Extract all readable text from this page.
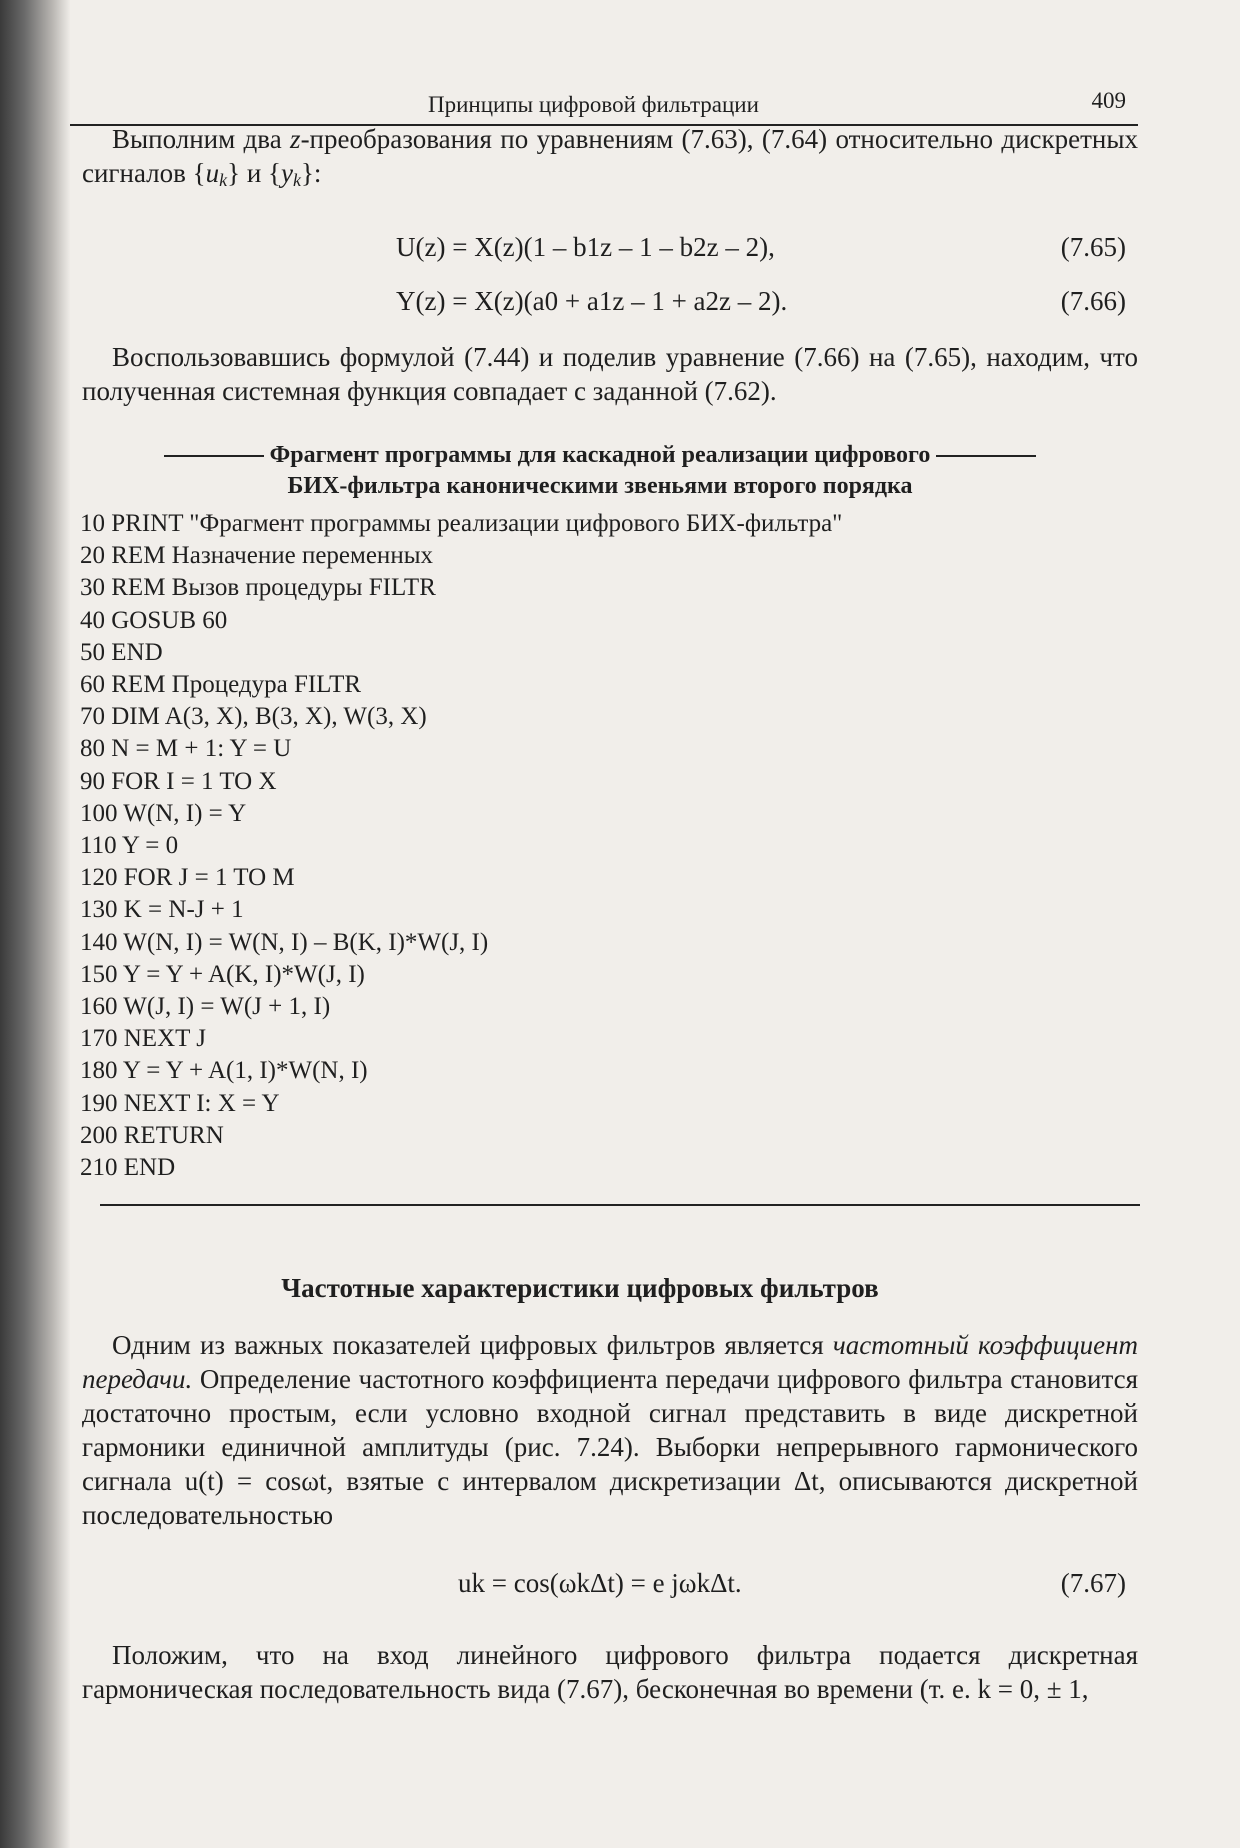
Принципы цифровой фильтрации	409
Выполним два z-преобразования по уравнениям (7.63), (7.64) относительно дискретных сигналов $\{u_k\}$ и $\{y_k\}$:
U(z) = X(z)(1 – b1z – 1 – b2z – 2),	(7.65)
Y(z) = X(z)(a0 + a1z – 1 + a2z – 2).	(7.66)
Воспользовавшись формулой (7.44) и поделив уравнение (7.66) на (7.65), находим, что полученная системная функция совпадает с заданной (7.62).
Фрагмент программы для каскадной реализации цифрового
БИХ-фильтра каноническими звеньями второго порядка
10 PRINT "Фрагмент программы реализации цифрового БИХ-фильтра"
20 REM Назначение переменных
30 REM Вызов процедуры FILTR
40 GOSUB 60
50 END
60 REM Процедура FILTR
70 DIM A(3, X), B(3, X), W(3, X)
80 N = M + 1: Y = U
90 FOR I = 1 TO X
100 W(N, I) = Y
110 Y = 0
120 FOR J = 1 TO M
130 K = N-J + 1
140 W(N, I) = W(N, I) – B(K, I)*W(J, I)
150 Y = Y + A(K, I)*W(J, I)
160 W(J, I) = W(J + 1, I)
170 NEXT J
180 Y = Y + A(1, I)*W(N, I)
190 NEXT I: X = Y
200 RETURN
210 END
Частотные характеристики цифровых фильтров
Одним из важных показателей цифровых фильтров является частотный коэффициент передачи. Определение частотного коэффициента передачи цифрового фильтра становится достаточно простым, если условно входной сигнал представить в виде дискретной гармоники единичной амплитуды (рис. 7.24). Выборки непрерывного гармонического сигнала u(t) = cosωt, взятые с интервалом дискретизации Δt, описываются дискретной последовательностью
uk = cos(ωkΔt) = e jωkΔt.	(7.67)
Положим, что на вход линейного цифрового фильтра подается дискретная гармоническая последовательность вида (7.67), бесконечная во времени (т. е. k = 0, ± 1,
